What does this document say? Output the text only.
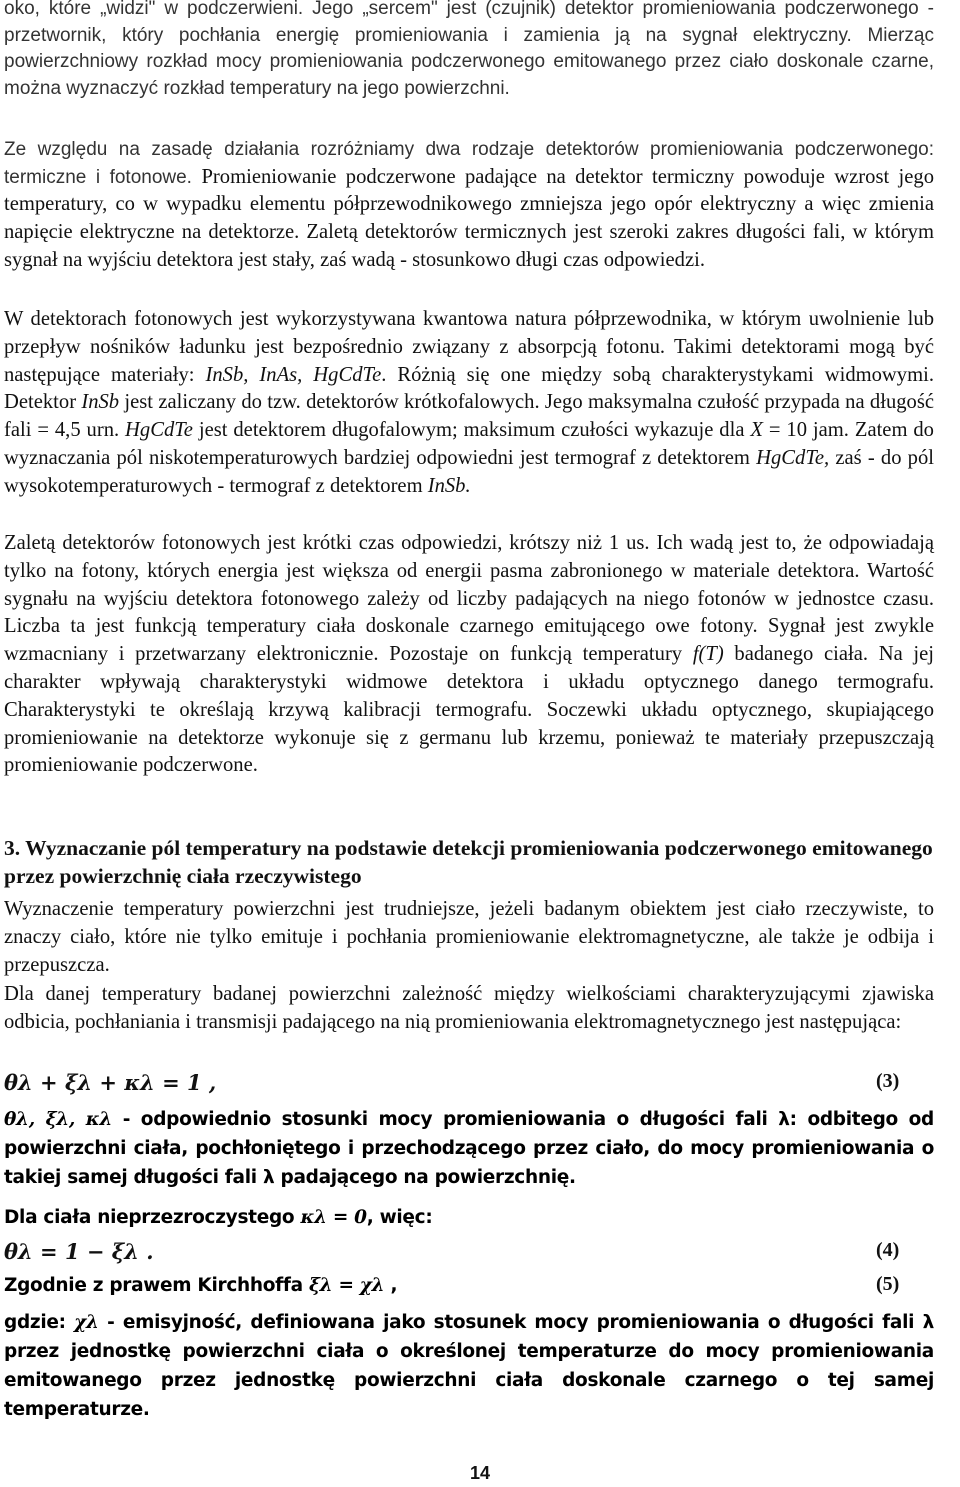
oko, które „widzi" w podczerwieni. Jego „sercem" jest (czujnik) detektor promieniowania podczerwonego - przetwornik, który pochłania energię promieniowania i zamienia ją na sygnał elektryczny. Mierząc powierzchniowy rozkład mocy promieniowania podczerwonego emitowanego przez ciało doskonale czarne, można wyznaczyć rozkład temperatury na jego powierzchni.

Ze względu na zasadę działania rozróżniamy dwa rodzaje detektorów promieniowania podczerwonego: termiczne i fotonowe. Promieniowanie podczerwone padające na detektor termiczny powoduje wzrost jego temperatury, co w wypadku elementu półprzewodnikowego zmniejsza jego opór elektryczny a więc zmienia napięcie elektryczne na detektorze. Zaletą detektorów termicznych jest szeroki zakres długości fali, w którym sygnał na wyjściu detektora jest stały, zaś wadą - stosunkowo długi czas odpowiedzi.

W detektorach fotonowych jest wykorzystywana kwantowa natura półprzewodnika, w którym uwolnienie lub przepływ nośników ładunku jest bezpośrednio związany z absorpcją fotonu. Takimi detektorami mogą być następujące materiały: InSb, InAs, HgCdTe. Różnią się one między sobą charakterystykami widmowymi. Detektor InSb jest zaliczany do tzw. detektorów krótkofalowych. Jego maksymalna czułość przypada na długość fali = 4,5 urn. HgCdTe jest detektorem długofalowym; maksimum czułości wykazuje dla X = 10 jam. Zatem do wyznaczania pól niskotemperaturowych bardziej odpowiedni jest termograf z detektorem HgCdTe, zaś - do pól wysokotemperaturowych - termograf z detektorem InSb.

Zaletą detektorów fotonowych jest krótki czas odpowiedzi, krótszy niż 1 us. Ich wadą jest to, że odpowiadają tylko na fotony, których energia jest większa od energii pasma zabronionego w materiale detektora. Wartość sygnału na wyjściu detektora fotonowego zależy od liczby padających na niego fotonów w jednostce czasu. Liczba ta jest funkcją temperatury ciała doskonale czarnego emitującego owe fotony. Sygnał jest zwykle wzmacniany i przetwarzany elektronicznie. Pozostaje on funkcją temperatury f(T) badanego ciała. Na jej charakter wpływają charakterystyki widmowe detektora i układu optycznego danego termografu. Charakterystyki te określają krzywą kalibracji termografu. Soczewki układu optycznego, skupiającego promieniowanie na detektorze wykonuje się z germanu lub krzemu, ponieważ te materiały przepuszczają promieniowanie podczerwone.

3. Wyznaczanie pól temperatury na podstawie detekcji promieniowania podczerwonego emitowanego przez powierzchnię ciała rzeczywistego

Wyznaczenie temperatury powierzchni jest trudniejsze, jeżeli badanym obiektem jest ciało rzeczywiste, to znaczy ciało, które nie tylko emituje i pochłania promieniowanie elektromagnetyczne, ale także je odbija i przepuszcza.

Dla danej temperatury badanej powierzchni zależność między wielkościami charakteryzującymi zjawiska odbicia, pochłaniania i transmisji padającego na nią promieniowania elektromagnetycznego jest następująca:

θλ + ξλ + κλ = 1 ,	(3)

θλ, ξλ, κλ - odpowiednio stosunki mocy promieniowania o długości fali λ: odbitego od powierzchni ciała, pochłoniętego i przechodzącego przez ciało, do mocy promieniowania o takiej samej długości fali λ padającego na powierzchnię.

Dla ciała nieprzezroczystego κλ = 0, więc:

θλ = 1 − ξλ .	(4)

Zgodnie z prawem Kirchhoffa ξλ = χλ ,	(5)

gdzie: χλ - emisyjność, definiowana jako stosunek mocy promieniowania o długości fali λ przez jednostkę powierzchni ciała o określonej temperaturze do mocy promieniowania emitowanego przez jednostkę powierzchni ciała doskonale czarnego o tej samej temperaturze.

14
